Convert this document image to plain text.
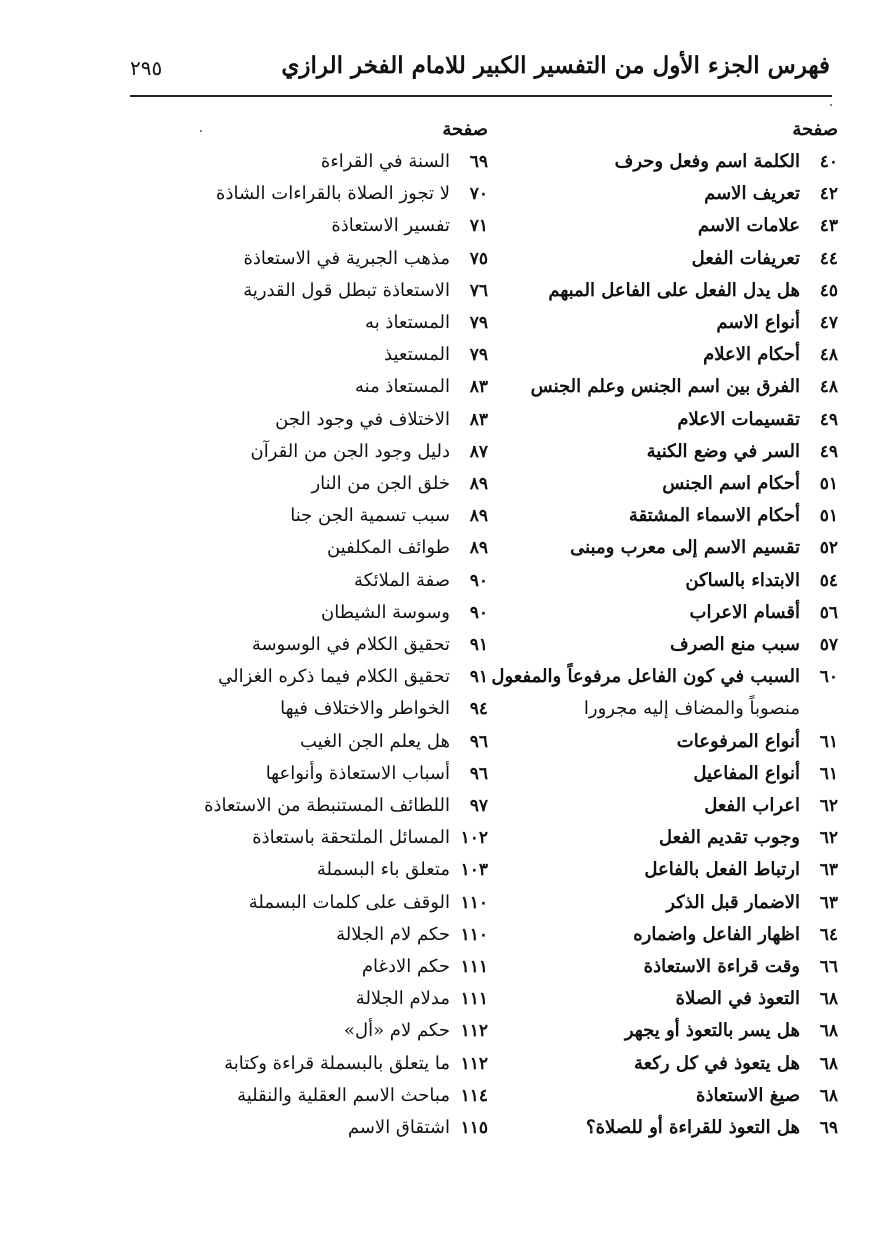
فهرس الجزء الأول من التفسير الكبير للامام الفخر الرازي
٢٩٥
صفحة
٤٠
الكلمة اسم وفعل وحرف
٤٢
تعريف الاسم
٤٣
علامات الاسم
٤٤
تعريفات الفعل
٤٥
هل يدل الفعل على الفاعل المبهم
٤٧
أنواع الاسم
٤٨
أحكام الاعلام
٤٨
الفرق بين اسم الجنس وعلم الجنس
٤٩
تقسيمات الاعلام
٤٩
السر في وضع الكنية
٥١
أحكام اسم الجنس
٥١
أحكام الاسماء المشتقة
٥٢
تقسيم الاسم إلى معرب ومبنى
٥٤
الابتداء بالساكن
٥٦
أقسام الاعراب
٥٧
سبب منع الصرف
٦٠
السبب في كون الفاعل مرفوعاً والمفعول
منصوباً والمضاف إليه مجرورا
٦١
أنواع المرفوعات
٦١
أنواع المفاعيل
٦٢
اعراب الفعل
٦٢
وجوب تقديم الفعل
٦٣
ارتباط الفعل بالفاعل
٦٣
الاضمار قبل الذكر
٦٤
اظهار الفاعل واضماره
٦٦
وقت قراءة الاستعاذة
٦٨
التعوذ في الصلاة
٦٨
هل يسر بالتعوذ أو يجهر
٦٨
هل يتعوذ في كل ركعة
٦٨
صيغ الاستعاذة
٦٩
هل التعوذ للقراءة أو للصلاة؟
صفحة
٦٩
السنة في القراءة
٧٠
لا تجوز الصلاة بالقراءات الشاذة
٧١
تفسير الاستعاذة
٧٥
مذهب الجبرية في الاستعاذة
٧٦
الاستعاذة تبطل قول القدرية
٧٩
المستعاذ به
٧٩
المستعيذ
٨٣
المستعاذ منه
٨٣
الاختلاف في وجود الجن
٨٧
دليل وجود الجن من القرآن
٨٩
خلق الجن من النار
٨٩
سبب تسمية الجن جنا
٨٩
طوائف المكلفين
٩٠
صفة الملائكة
٩٠
وسوسة الشيطان
٩١
تحقيق الكلام في الوسوسة
٩١
تحقيق الكلام فيما ذكره الغزالي
٩٤
الخواطر والاختلاف فيها
٩٦
هل يعلم الجن الغيب
٩٦
أسباب الاستعاذة وأنواعها
٩٧
اللطائف المستنبطة من الاستعاذة
١٠٢
المسائل الملتحقة باستعاذة
١٠٣
متعلق باء البسملة
١١٠
الوقف على كلمات البسملة
١١٠
حكم لام الجلالة
١١١
حكم الادغام
١١١
مدلام الجلالة
١١٢
حكم لام «أل»
١١٢
ما يتعلق بالبسملة قراءة وكتابة
١١٤
مباحث الاسم العقلية والنقلية
١١٥
اشتقاق الاسم
